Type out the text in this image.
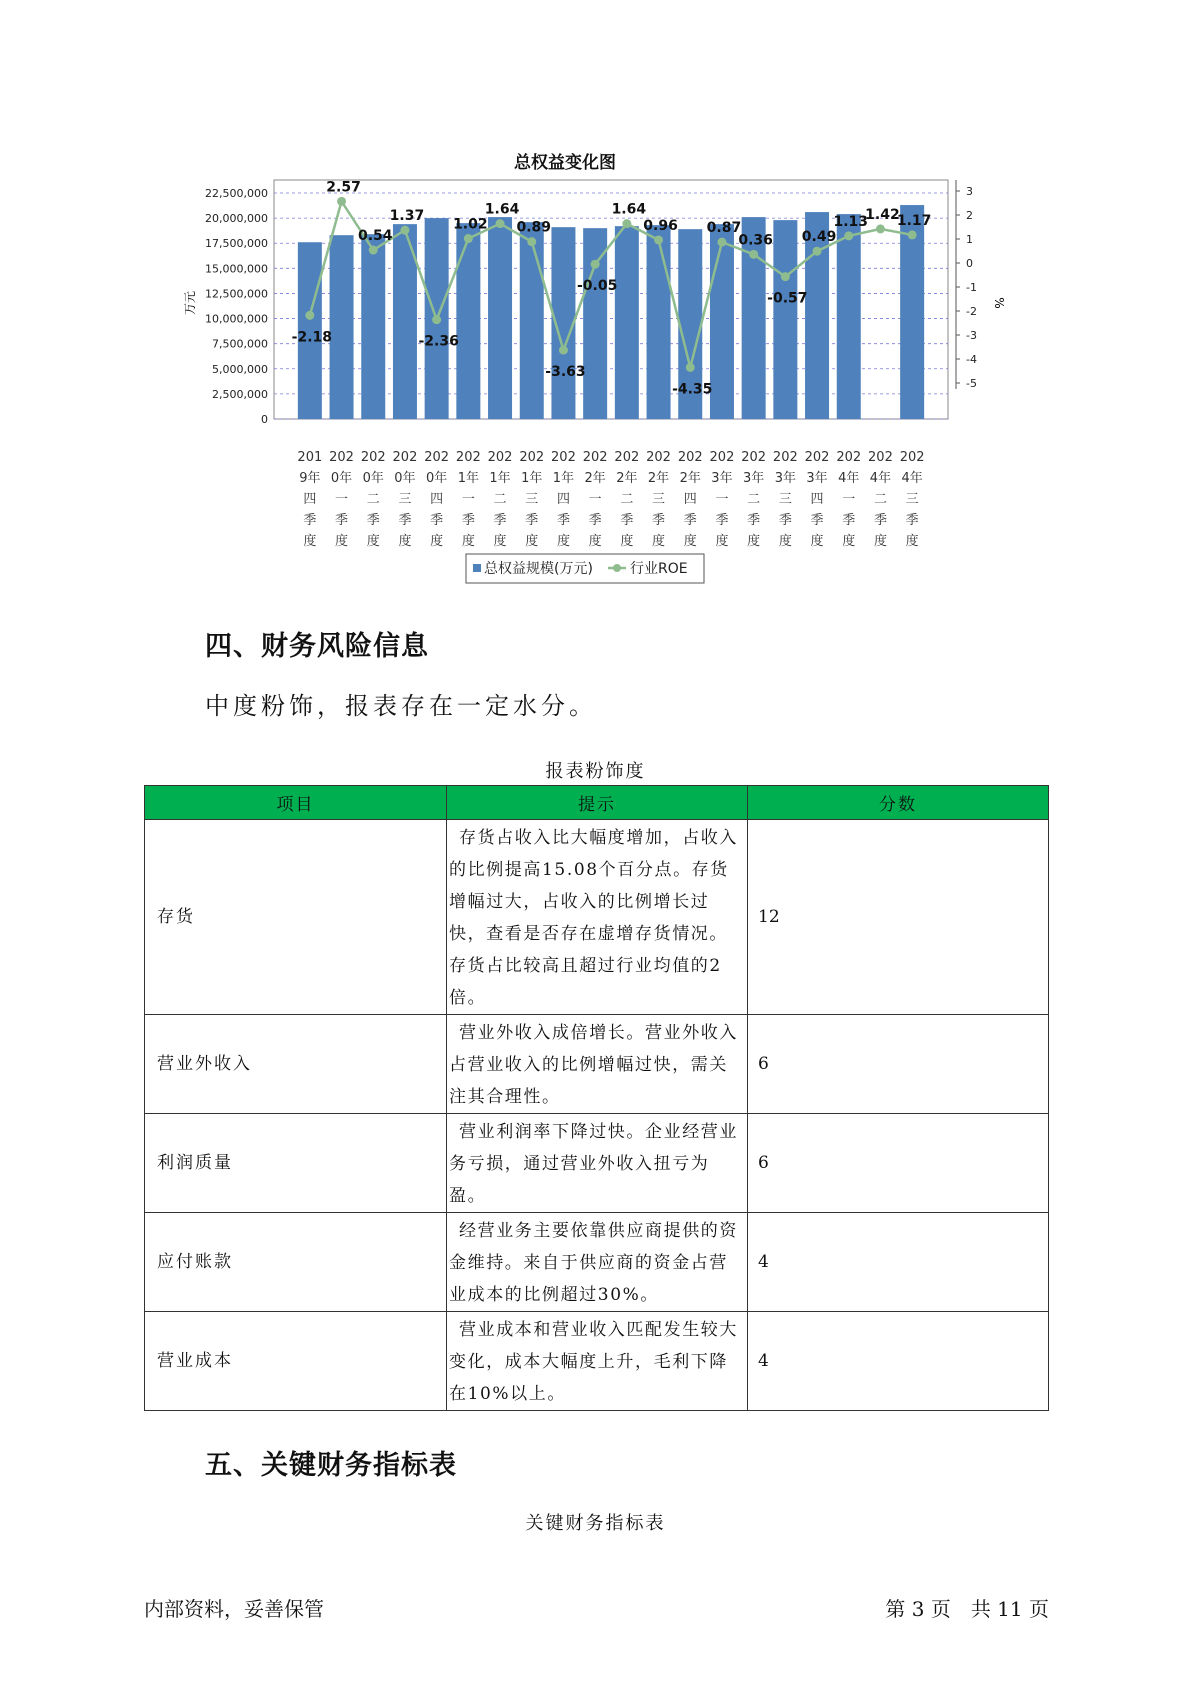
总权益变化图
0
2,500,000
5,000,000
7,500,000
10,000,000
12,500,000
15,000,000
17,500,000
20,000,000
22,500,000
-5
-4
-3
-2
-1
0
1
2
3
万元	%
201
9年
四
季
度
202
0年
一
季
度
202
0年
二
季
度
202
0年
三
季
度
202
0年
四
季
度
202
1年
一
季
度
202
1年
二
季
度
202
1年
三
季
度
202
1年
四
季
度
202
2年
一
季
度
202
2年
二
季
度
202
2年
三
季
度
202
2年
四
季
度
202
3年
一
季
度
202
3年
二
季
度
202
3年
三
季
度
202
3年
四
季
度
202
4年
一
季
度
202
4年
二
季
度
202
4年
三
季
度
-2.18
2.57
0.54
1.37
-2.36
1.02
1.64
0.89
-3.63
-0.05
1.64
0.96
-4.35
0.87
0.36
-0.57
0.49
1.13
1.42
1.17
总权益规模(万元)	行业ROE
四、财务风险信息
中度粉饰，报表存在一定水分。
报表粉饰度
项目	提示	分数
存货	存货占收入比大幅度增加，占收入的比例提高15.08个百分点。存货增幅过大，占收入的比例增长过快，查看是否存在虚增存货情况。存货占比较高且超过行业均值的2倍。	12
营业外收入	营业外收入成倍增长。营业外收入占营业收入的比例增幅过快，需关注其合理性。	6
利润质量	营业利润率下降过快。企业经营业务亏损，通过营业外收入扭亏为盈。	6
应付账款	经营业务主要依靠供应商提供的资金维持。来自于供应商的资金占营业成本的比例超过30%。	4
营业成本	营业成本和营业收入匹配发生较大变化，成本大幅度上升，毛利下降在10%以上。	4
五、关键财务指标表
关键财务指标表
内部资料，妥善保管	第 3 页　共 11 页
